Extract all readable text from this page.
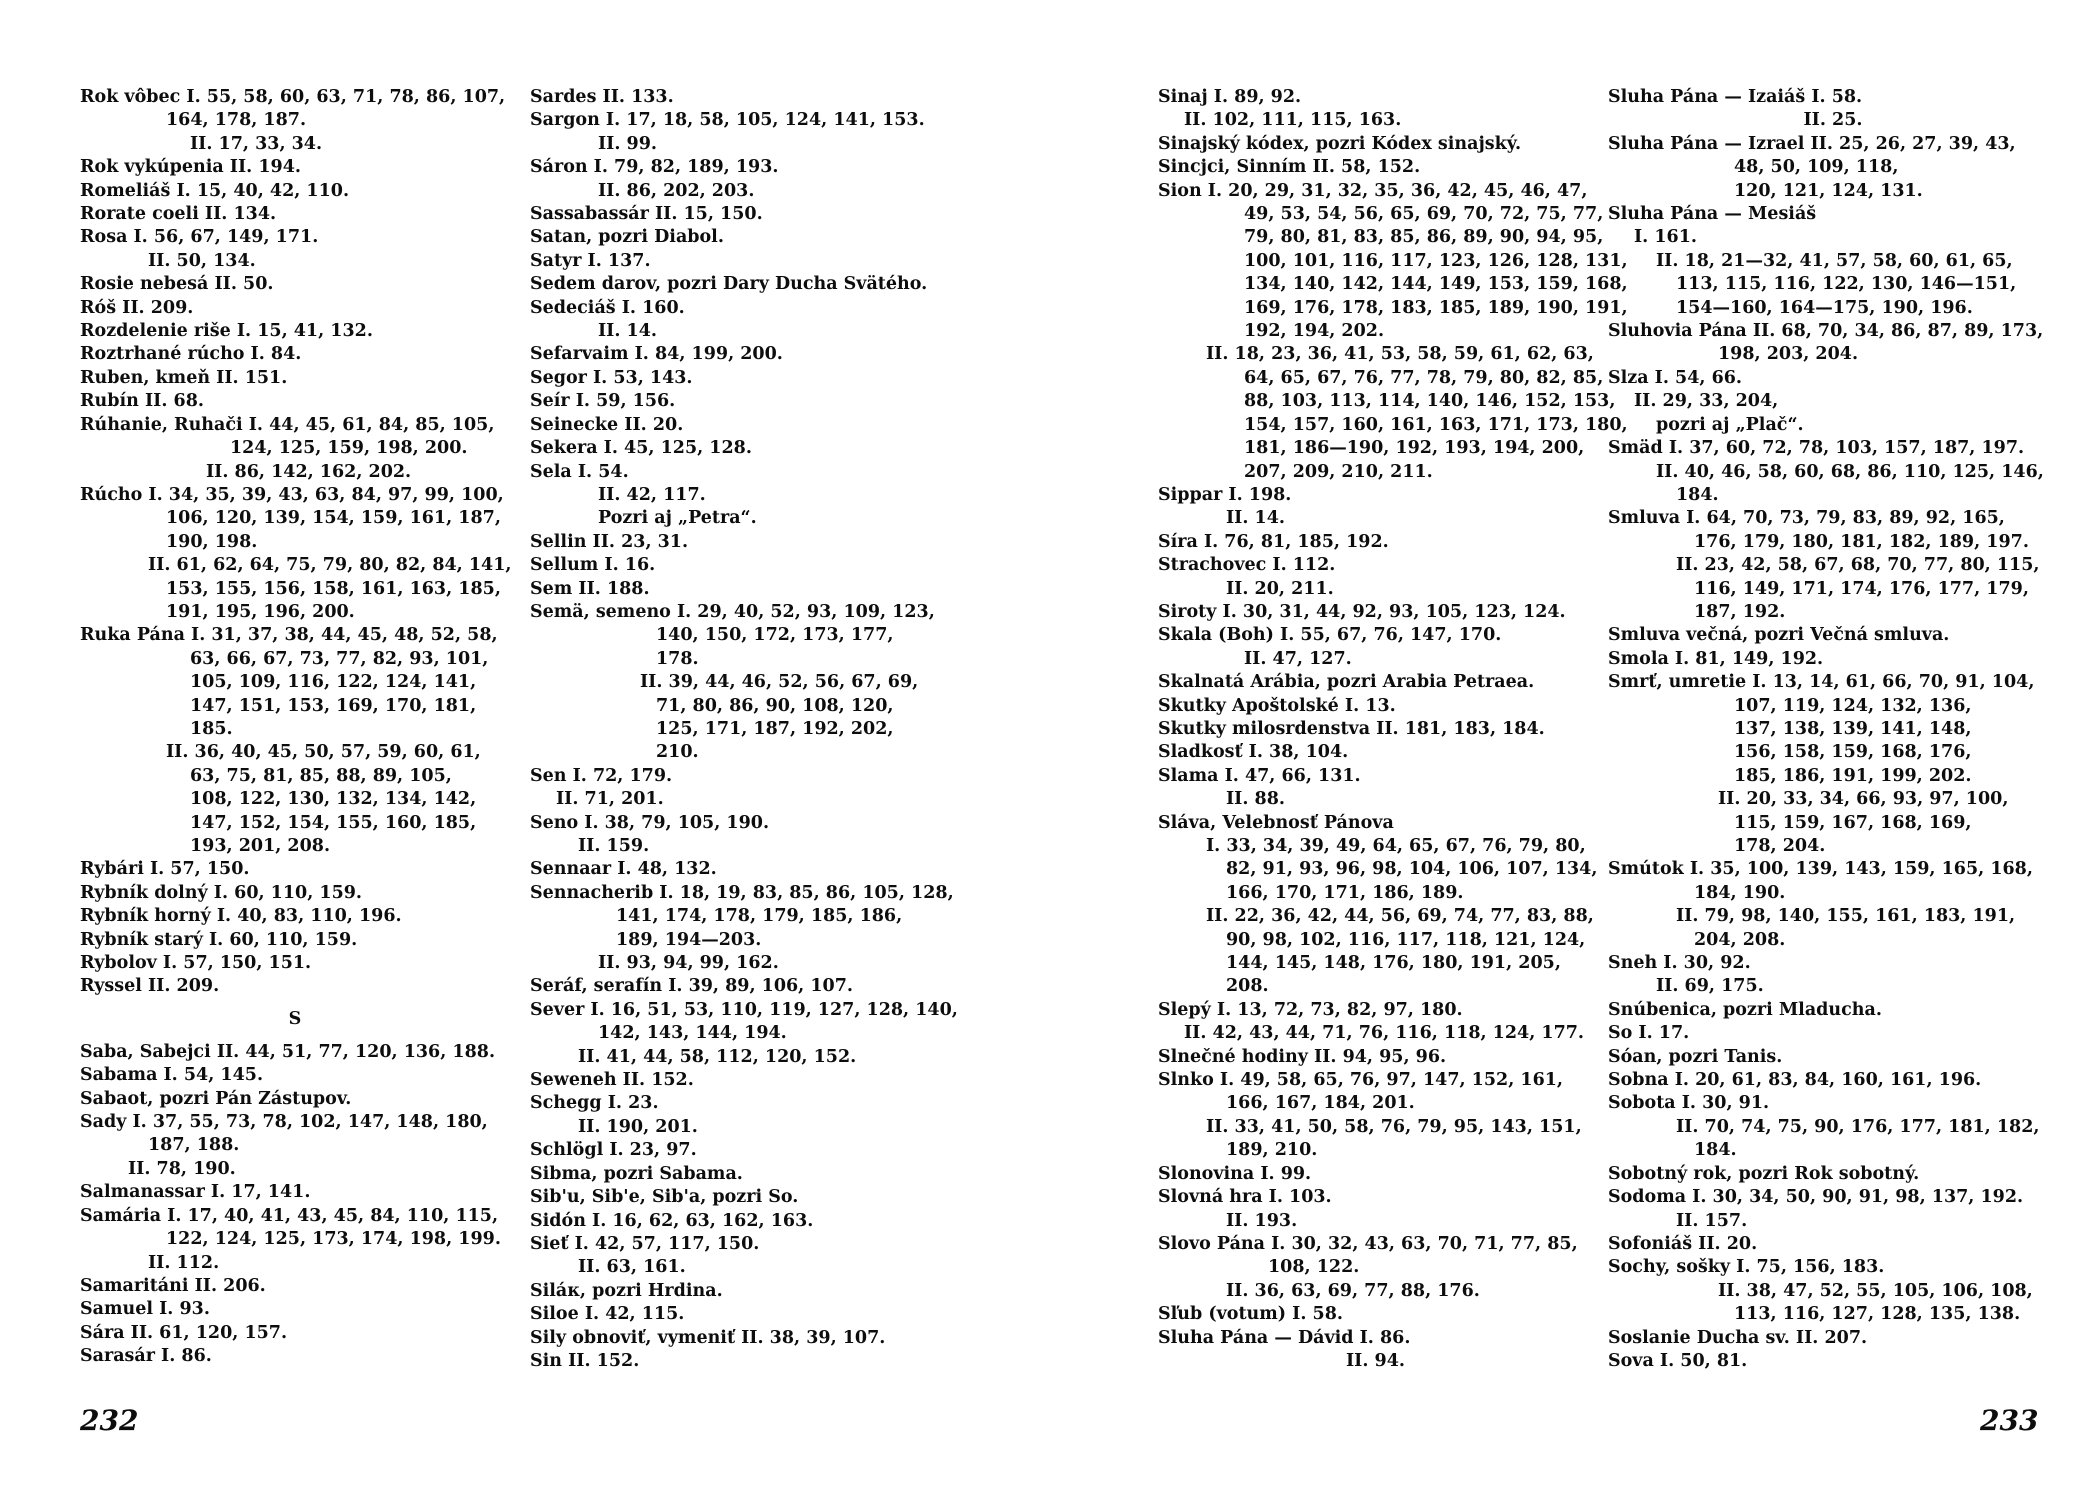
Rok vôbec I. 55, 58, 60, 63, 71, 78, 86, 107,
164, 178, 187.
II. 17, 33, 34.
Rok vykúpenia II. 194.
Romeliáš I. 15, 40, 42, 110.
Rorate coeli II. 134.
Rosa I. 56, 67, 149, 171.
II. 50, 134.
Rosie nebesá II. 50.
Róš II. 209.
Rozdelenie riše I. 15, 41, 132.
Roztrhané rúcho I. 84.
Ruben, kmeň II. 151.
Rubín II. 68.
Rúhanie, Ruhači I. 44, 45, 61, 84, 85, 105,
124, 125, 159, 198, 200.
II. 86, 142, 162, 202.
Rúcho I. 34, 35, 39, 43, 63, 84, 97, 99, 100,
106, 120, 139, 154, 159, 161, 187,
190, 198.
II. 61, 62, 64, 75, 79, 80, 82, 84, 141,
153, 155, 156, 158, 161, 163, 185,
191, 195, 196, 200.
Ruka Pána I. 31, 37, 38, 44, 45, 48, 52, 58,
63, 66, 67, 73, 77, 82, 93, 101,
105, 109, 116, 122, 124, 141,
147, 151, 153, 169, 170, 181,
185.
II. 36, 40, 45, 50, 57, 59, 60, 61,
63, 75, 81, 85, 88, 89, 105,
108, 122, 130, 132, 134, 142,
147, 152, 154, 155, 160, 185,
193, 201, 208.
Rybári I. 57, 150.
Rybník dolný I. 60, 110, 159.
Rybník horný I. 40, 83, 110, 196.
Rybník starý I. 60, 110, 159.
Rybolov I. 57, 150, 151.
Ryssel II. 209.
S
Saba, Sabejci II. 44, 51, 77, 120, 136, 188.
Sabama I. 54, 145.
Sabaot, pozri Pán Zástupov.
Sady I. 37, 55, 73, 78, 102, 147, 148, 180,
187, 188.
II. 78, 190.
Salmanassar I. 17, 141.
Samária I. 17, 40, 41, 43, 45, 84, 110, 115,
122, 124, 125, 173, 174, 198, 199.
II. 112.
Samaritáni II. 206.
Samuel I. 93.
Sára II. 61, 120, 157.
Sarasár I. 86.
Sardes II. 133.
Sargon I. 17, 18, 58, 105, 124, 141, 153.
II. 99.
Sáron I. 79, 82, 189, 193.
II. 86, 202, 203.
Sassabassár II. 15, 150.
Satan, pozri Diabol.
Satyr I. 137.
Sedem darov, pozri Dary Ducha Svätého.
Sedeciáš I. 160.
II. 14.
Sefarvaim I. 84, 199, 200.
Segor I. 53, 143.
Seír I. 59, 156.
Seinecke II. 20.
Sekera I. 45, 125, 128.
Sela I. 54.
II. 42, 117.
Pozri aj „Petra“.
Sellin II. 23, 31.
Sellum I. 16.
Sem II. 188.
Semä, semeno I. 29, 40, 52, 93, 109, 123,
140, 150, 172, 173, 177,
178.
II. 39, 44, 46, 52, 56, 67, 69,
71, 80, 86, 90, 108, 120,
125, 171, 187, 192, 202,
210.
Sen I. 72, 179.
II. 71, 201.
Seno I. 38, 79, 105, 190.
II. 159.
Sennaar I. 48, 132.
Sennacherib I. 18, 19, 83, 85, 86, 105, 128,
141, 174, 178, 179, 185, 186,
189, 194—203.
II. 93, 94, 99, 162.
Seráf, serafín I. 39, 89, 106, 107.
Sever I. 16, 51, 53, 110, 119, 127, 128, 140,
142, 143, 144, 194.
II. 41, 44, 58, 112, 120, 152.
Seweneh II. 152.
Schegg I. 23.
II. 190, 201.
Schlögl I. 23, 97.
Sibma, pozri Sabama.
Sib'u, Sib'e, Sib'a, pozri So.
Sidón I. 16, 62, 63, 162, 163.
Sieť I. 42, 57, 117, 150.
II. 63, 161.
Siláк, pozri Hrdina.
Siloe I. 42, 115.
Sily obnoviť, vymeniť II. 38, 39, 107.
Sin II. 152.
232
Sinaj I. 89, 92.
II. 102, 111, 115, 163.
Sinajský kódex, pozri Kódex sinajský.
Sincjci, Sinním II. 58, 152.
Sion I. 20, 29, 31, 32, 35, 36, 42, 45, 46, 47,
49, 53, 54, 56, 65, 69, 70, 72, 75, 77,
79, 80, 81, 83, 85, 86, 89, 90, 94, 95,
100, 101, 116, 117, 123, 126, 128, 131,
134, 140, 142, 144, 149, 153, 159, 168,
169, 176, 178, 183, 185, 189, 190, 191,
192, 194, 202.
II. 18, 23, 36, 41, 53, 58, 59, 61, 62, 63,
64, 65, 67, 76, 77, 78, 79, 80, 82, 85,
88, 103, 113, 114, 140, 146, 152, 153,
154, 157, 160, 161, 163, 171, 173, 180,
181, 186—190, 192, 193, 194, 200,
207, 209, 210, 211.
Sippar I. 198.
II. 14.
Síra I. 76, 81, 185, 192.
Strachovec I. 112.
II. 20, 211.
Siroty I. 30, 31, 44, 92, 93, 105, 123, 124.
Skala (Boh) I. 55, 67, 76, 147, 170.
II. 47, 127.
Skalnatá Arábia, pozri Arabia Petraea.
Skutky Apoštolské I. 13.
Skutky milosrdenstva II. 181, 183, 184.
Sladkosť I. 38, 104.
Slama I. 47, 66, 131.
II. 88.
Sláva, Velebnosť Pánova
I. 33, 34, 39, 49, 64, 65, 67, 76, 79, 80,
82, 91, 93, 96, 98, 104, 106, 107, 134,
166, 170, 171, 186, 189.
II. 22, 36, 42, 44, 56, 69, 74, 77, 83, 88,
90, 98, 102, 116, 117, 118, 121, 124,
144, 145, 148, 176, 180, 191, 205,
208.
Slepý I. 13, 72, 73, 82, 97, 180.
II. 42, 43, 44, 71, 76, 116, 118, 124, 177.
Slnečné hodiny II. 94, 95, 96.
Slnko I. 49, 58, 65, 76, 97, 147, 152, 161,
166, 167, 184, 201.
II. 33, 41, 50, 58, 76, 79, 95, 143, 151,
189, 210.
Slonovina I. 99.
Slovná hra I. 103.
II. 193.
Slovo Pána I. 30, 32, 43, 63, 70, 71, 77, 85,
108, 122.
II. 36, 63, 69, 77, 88, 176.
Sľub (votum) I. 58.
Sluha Pána — Dávid I. 86.
II. 94.
Sluha Pána — Izaiáš I. 58.
II. 25.
Sluha Pána — Izrael II. 25, 26, 27, 39, 43,
48, 50, 109, 118,
120, 121, 124, 131.
Sluha Pána — Mesiáš
I. 161.
II. 18, 21—32, 41, 57, 58, 60, 61, 65,
113, 115, 116, 122, 130, 146—151,
154—160, 164—175, 190, 196.
Sluhovia Pána II. 68, 70, 34, 86, 87, 89, 173,
198, 203, 204.
Slza I. 54, 66.
II. 29, 33, 204,
pozri aj „Plač“.
Smäd I. 37, 60, 72, 78, 103, 157, 187, 197.
II. 40, 46, 58, 60, 68, 86, 110, 125, 146,
184.
Smluva I. 64, 70, 73, 79, 83, 89, 92, 165,
176, 179, 180, 181, 182, 189, 197.
II. 23, 42, 58, 67, 68, 70, 77, 80, 115,
116, 149, 171, 174, 176, 177, 179,
187, 192.
Smluva večná, pozri Večná smluva.
Smola I. 81, 149, 192.
Smrť, umretie I. 13, 14, 61, 66, 70, 91, 104,
107, 119, 124, 132, 136,
137, 138, 139, 141, 148,
156, 158, 159, 168, 176,
185, 186, 191, 199, 202.
II. 20, 33, 34, 66, 93, 97, 100,
115, 159, 167, 168, 169,
178, 204.
Smútok I. 35, 100, 139, 143, 159, 165, 168,
184, 190.
II. 79, 98, 140, 155, 161, 183, 191,
204, 208.
Sneh I. 30, 92.
II. 69, 175.
Snúbenica, pozri Mladucha.
So I. 17.
Sóan, pozri Tanis.
Sobna I. 20, 61, 83, 84, 160, 161, 196.
Sobota I. 30, 91.
II. 70, 74, 75, 90, 176, 177, 181, 182,
184.
Sobotný rok, pozri Rok sobotný.
Sodoma I. 30, 34, 50, 90, 91, 98, 137, 192.
II. 157.
Sofoniáš II. 20.
Sochy, sošky I. 75, 156, 183.
II. 38, 47, 52, 55, 105, 106, 108,
113, 116, 127, 128, 135, 138.
Soslanie Ducha sv. II. 207.
Sova I. 50, 81.
233
